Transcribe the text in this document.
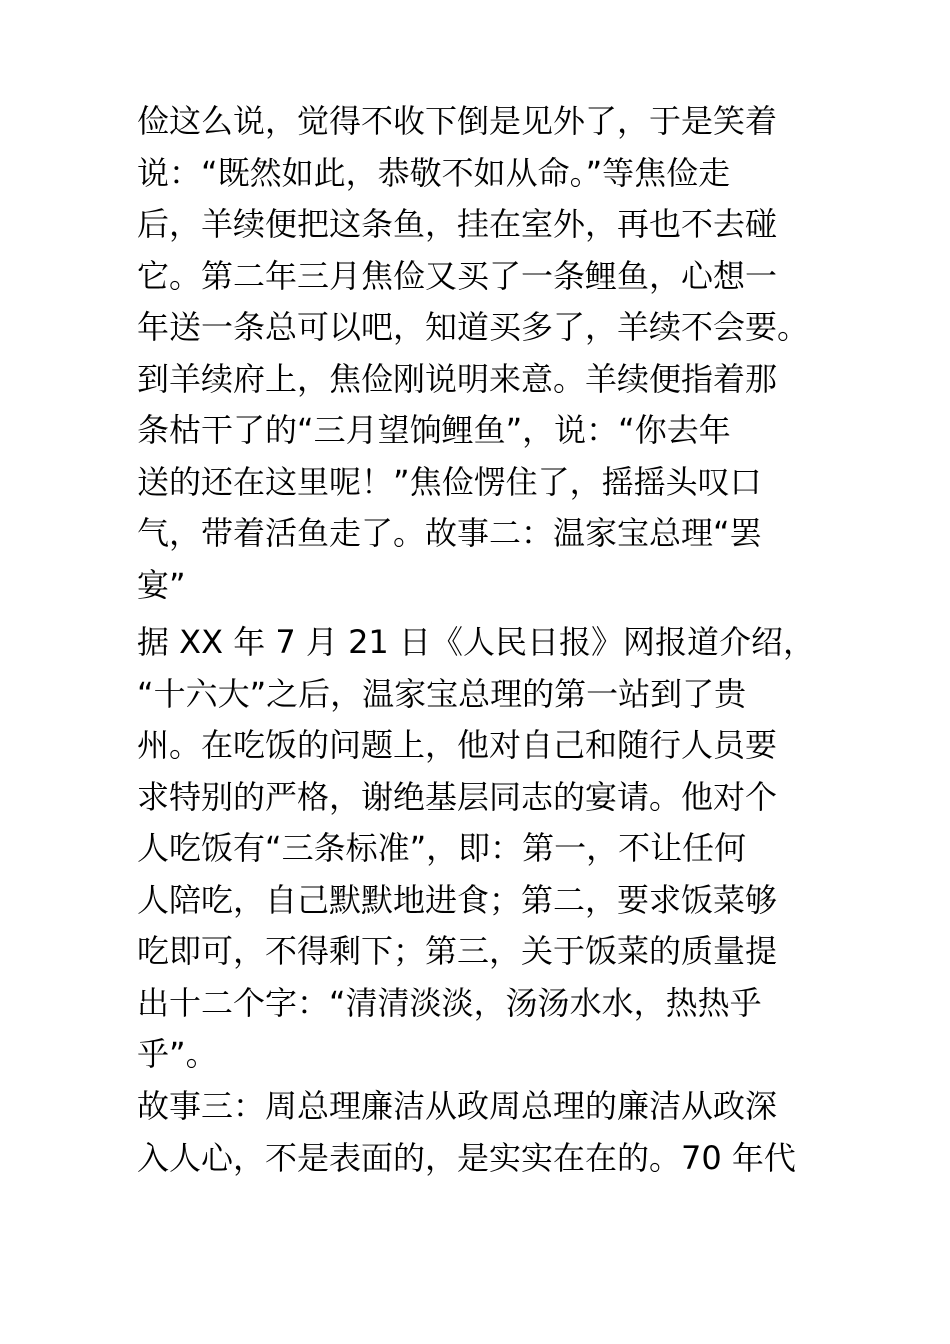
俭这么说，觉得不收下倒是见外了，于是笑着
说：“既然如此，恭敬不如从命。”等焦俭走
后，羊续便把这条鱼，挂在室外，再也不去碰
它。第二年三月焦俭又买了一条鲤鱼，心想一
年送一条总可以吧，知道买多了，羊续不会要。
到羊续府上，焦俭刚说明来意。羊续便指着那
条枯干了的“三月望饷鲤鱼”，说：“你去年
送的还在这里呢！”焦俭愣住了，摇摇头叹口
气，带着活鱼走了。故事二：温家宝总理“罢
宴”
据 XX 年 7 月 21 日《人民日报》网报道介绍，
“十六大”之后，温家宝总理的第一站到了贵
州。在吃饭的问题上，他对自己和随行人员要
求特别的严格，谢绝基层同志的宴请。他对个
人吃饭有“三条标准”，即：第一，不让任何
人陪吃，自己默默地进食；第二，要求饭菜够
吃即可，不得剩下；第三，关于饭菜的质量提
出十二个字：“清清淡淡，汤汤水水，热热乎
乎”。
故事三：周总理廉洁从政周总理的廉洁从政深
入人心，不是表面的，是实实在在的。70 年代
